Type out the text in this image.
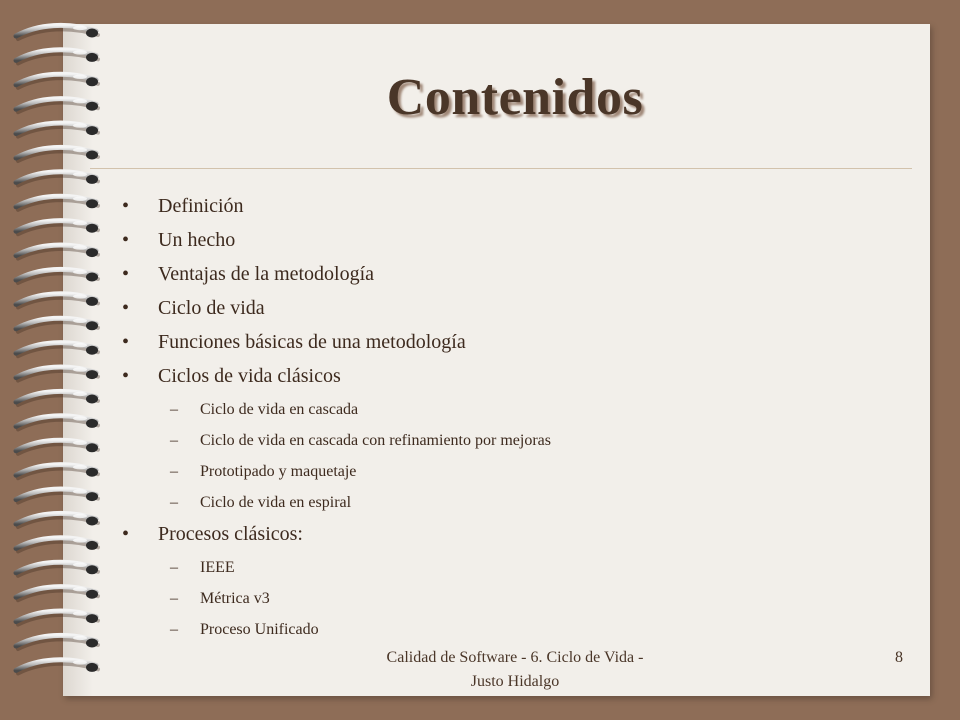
Contenidos
• Definición
• Un hecho
• Ventajas de la metodología
• Ciclo de vida
• Funciones básicas de una metodología
• Ciclos de vida clásicos
– Ciclo de vida en cascada
– Ciclo de vida en cascada con refinamiento por mejoras
– Prototipado y maquetaje
– Ciclo de vida en espiral
• Procesos clásicos:
– IEEE
– Métrica v3
– Proceso Unificado
Calidad de Software - 6. Ciclo de Vida - Justo Hidalgo
8
